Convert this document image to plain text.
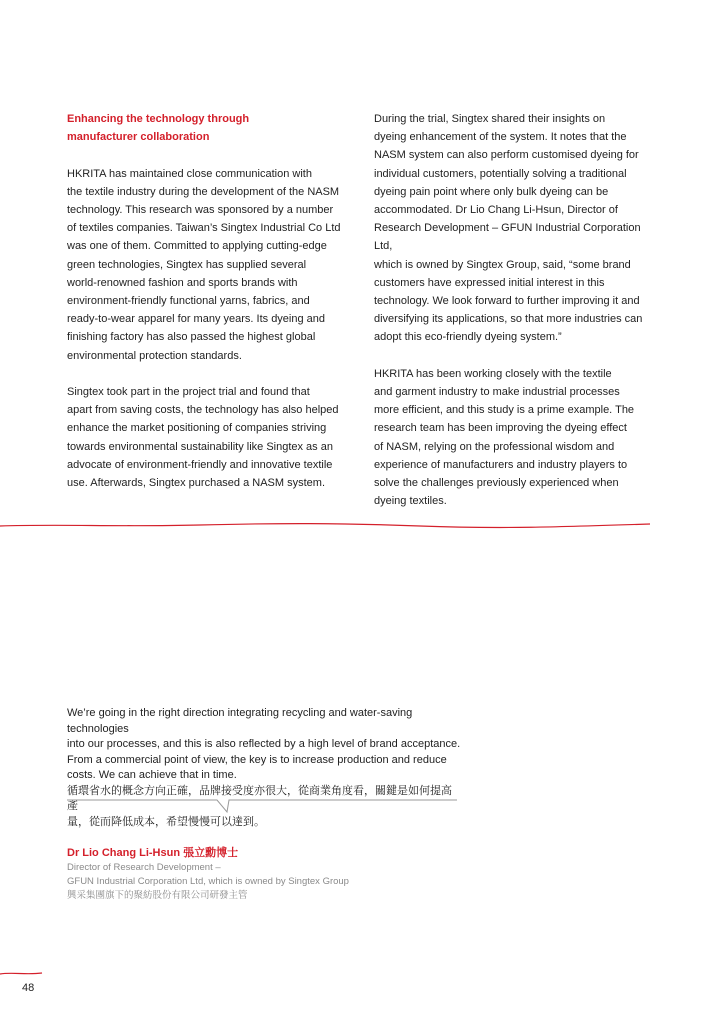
Enhancing the technology through
manufacturer collaboration

HKRITA has maintained close communication with
the textile industry during the development of the NASM
technology. This research was sponsored by a number
of textiles companies. Taiwan’s Singtex Industrial Co Ltd
was one of them. Committed to applying cutting-edge
green technologies, Singtex has supplied several
world-renowned fashion and sports brands with
environment-friendly functional yarns, fabrics, and
ready-to-wear apparel for many years. Its dyeing and
finishing factory has also passed the highest global
environmental protection standards.

Singtex took part in the project trial and found that
apart from saving costs, the technology has also helped
enhance the market positioning of companies striving
towards environmental sustainability like Singtex as an
advocate of environment-friendly and innovative textile
use. Afterwards, Singtex purchased a NASM system.

During the trial, Singtex shared their insights on
dyeing enhancement of the system. It notes that the
NASM system can also perform customised dyeing for
individual customers, potentially solving a traditional
dyeing pain point where only bulk dyeing can be
accommodated. Dr Lio Chang Li-Hsun, Director of
Research Development – GFUN Industrial Corporation Ltd,
which is owned by Singtex Group, said, “some brand
customers have expressed initial interest in this
technology. We look forward to further improving it and
diversifying its applications, so that more industries can
adopt this eco-friendly dyeing system.”

HKRITA has been working closely with the textile
and garment industry to make industrial processes
more efficient, and this study is a prime example. The
research team has been improving the dyeing effect
of NASM, relying on the professional wisdom and
experience of manufacturers and industry players to
solve the challenges previously experienced when
dyeing textiles.

We’re going in the right direction integrating recycling and water-saving technologies
into our processes, and this is also reflected by a high level of brand acceptance.
From a commercial point of view, the key is to increase production and reduce
costs. We can achieve that in time.

循環省水的概念方向正確，品牌接受度亦很大，從商業角度看，關鍵是如何提高產
量，從而降低成本，希望慢慢可以達到。

Dr Lio Chang Li-Hsun 張立勳博士
Director of Research Development –
GFUN Industrial Corporation Ltd, which is owned by Singtex Group
興采集團旗下的聚紡股份有限公司研發主管
48
